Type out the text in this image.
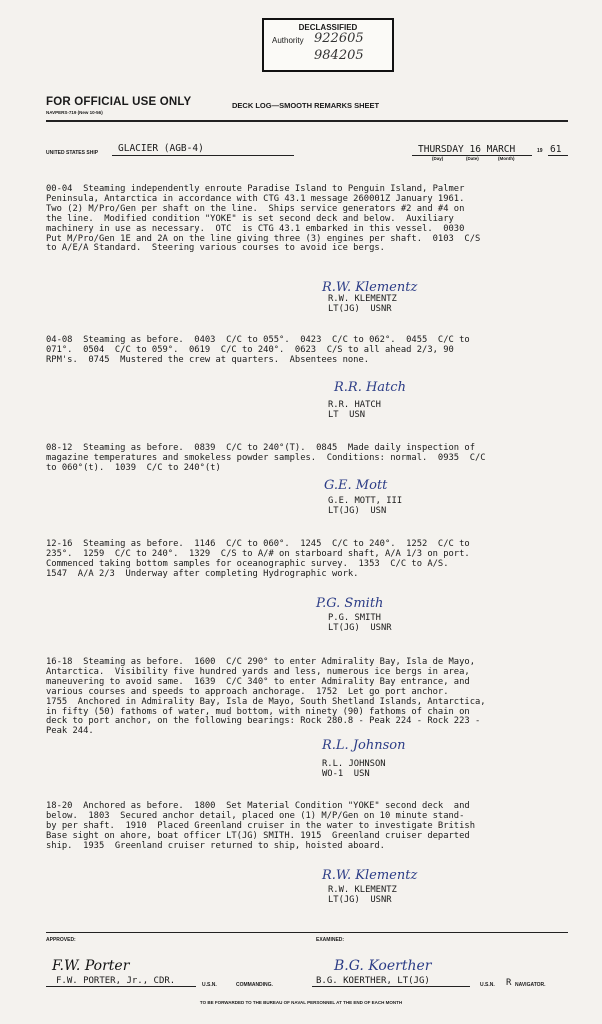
DECLASSIFIED
Authority 922605
984205
FOR OFFICIAL USE ONLY
NAVPERS-719 (New 10-56)
DECK LOG—SMOOTH REMARKS SHEET
UNITED STATES SHIP GLACIER (AGB-4)	THURSDAY 16 MARCH	19 61
(Day)	(Date)	(Month)
00-04  Steaming independently enroute Paradise Island to Penguin Island, Palmer
Peninsula, Antarctica in accordance with CTG 43.1 message 260001Z January 1961.
Two (2) M/Pro/Gen per shaft on the line.  Ships service generators #2 and #4 on
the line.  Modified condition "YOKE" is set second deck and below.  Auxiliary
machinery in use as necessary.  OTC  is CTG 43.1 embarked in this vessel.  0030
Put M/Pro/Gen 1E and 2A on the line giving three (3) engines per shaft.  0103  C/S
to A/E/A Standard.  Steering various courses to avoid ice bergs.
R.W. Klementz
R.W. KLEMENTZ
LT(JG)  USNR
04-08  Steaming as before.  0403  C/C to 055°.  0423  C/C to 062°.  0455  C/C to
071°.  0504  C/C to 059°.  0619  C/C to 240°.  0623  C/S to all ahead 2/3, 90
RPM's.  0745  Mustered the crew at quarters.  Absentees none.
R.R. Hatch
R.R. HATCH
LT  USN
08-12  Steaming as before.  0839  C/C to 240°(T).  0845  Made daily inspection of
magazine temperatures and smokeless powder samples.  Conditions: normal.  0935  C/C
to 060°(t).  1039  C/C to 240°(t)
G.E. Mott
G.E. MOTT, III
LT(JG)  USN
12-16  Steaming as before.  1146  C/C to 060°.  1245  C/C to 240°.  1252  C/C to
235°.  1259  C/C to 240°.  1329  C/S to A/# on starboard shaft, A/A 1/3 on port.
Commenced taking bottom samples for oceanographic survey.  1353  C/C to A/S.
1547  A/A 2/3  Underway after completing Hydrographic work.
P.G. Smith
P.G. SMITH
LT(JG)  USNR
16-18  Steaming as before.  1600  C/C 290° to enter Admirality Bay, Isla de Mayo,
Antarctica.  Visibility five hundred yards and less, numerous ice bergs in area,
maneuvering to avoid same.  1639  C/C 340° to enter Admirality Bay entrance, and
various courses and speeds to approach anchorage.  1752  Let go port anchor.
1755  Anchored in Admirality Bay, Isla de Mayo, South Shetland Islands, Antarctica,
in fifty (50) fathoms of water, mud bottom, with ninety (90) fathoms of chain on
deck to port anchor, on the following bearings: Rock 280.8 - Peak 224 - Rock 223 -
Peak 244.
R.L. Johnson
R.L. JOHNSON
WO-1  USN
18-20  Anchored as before.  1800  Set Material Condition "YOKE" second deck  and
below.  1803  Secured anchor detail, placed one (1) M/P/Gen on 10 minute stand-
by per shaft.  1910  Placed Greenland cruiser in the water to investigate British
Base sight on ahore, boat officer LT(JG) SMITH. 1915  Greenland cruiser departed
ship.  1935  Greenland cruiser returned to ship, hoisted aboard.
R.W. Klementz
R.W. KLEMENTZ
LT(JG)  USNR
APPROVED:	EXAMINED:
F.W. Porter
F.W. PORTER, Jr., CDR.	U.S.N.	COMMANDING.
B.G. Koerther
B.G. KOERTHER, LT(JG)	U.S.N. R NAVIGATOR.
TO BE FORWARDED TO THE BUREAU OF NAVAL PERSONNEL AT THE END OF EACH MONTH
